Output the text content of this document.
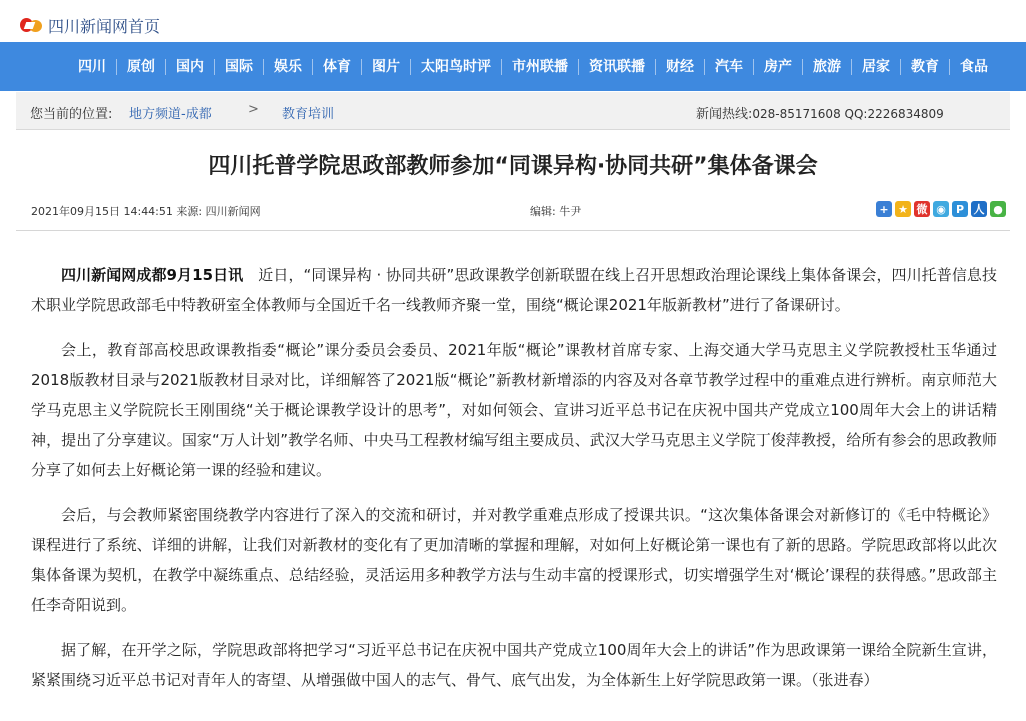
四川新闻网首页
四川	原创	国内	国际	娱乐	体育	图片	太阳鸟时评	市州联播	资讯联播	财经	汽车	房产	旅游	居家	教育	食品
您当前的位置: 地方频道-成都	> 教育培训	新闻热线:028-85171608 QQ:2226834809
四川托普学院思政部教师参加“同课异构·协同共研”集体备课会
2021年09月15日 14:44:51 来源: 四川新闻网	编辑: 牛尹	+ ★ 微 ◉ P 人 ●

四川新闻网成都9月15日讯　近日，“同课异构 · 协同共研”思政课教学创新联盟在线上召开思想政治理论课线上集体备课会，四川托普信息技术职业学院思政部毛中特教研室全体教师与全国近千名一线教师齐聚一堂，围绕“概论课2021年版新教材”进行了备课研讨。

会上，教育部高校思政课教指委“概论”课分委员会委员、2021年版“概论”课教材首席专家、上海交通大学马克思主义学院教授杜玉华通过2018版教材目录与2021版教材目录对比，详细解答了2021版“概论”新教材新增添的内容及对各章节教学过程中的重难点进行辨析。南京师范大学马克思主义学院院长王刚围绕“关于概论课教学设计的思考”，对如何领会、宣讲习近平总书记在庆祝中国共产党成立100周年大会上的讲话精神，提出了分享建议。国家“万人计划”教学名师、中央马工程教材编写组主要成员、武汉大学马克思主义学院丁俊萍教授，给所有参会的思政教师分享了如何去上好概论第一课的经验和建议。

会后，与会教师紧密围绕教学内容进行了深入的交流和研讨，并对教学重难点形成了授课共识。“这次集体备课会对新修订的《毛中特概论》课程进行了系统、详细的讲解，让我们对新教材的变化有了更加清晰的掌握和理解，对如何上好概论第一课也有了新的思路。学院思政部将以此次集体备课为契机，在教学中凝练重点、总结经验，灵活运用多种教学方法与生动丰富的授课形式，切实增强学生对‘概论’课程的获得感。”思政部主任李奇阳说到。

据了解，在开学之际，学院思政部将把学习“习近平总书记在庆祝中国共产党成立100周年大会上的讲话”作为思政课第一课给全院新生宣讲，紧紧围绕习近平总书记对青年人的寄望、从增强做中国人的志气、骨气、底气出发，为全体新生上好学院思政第一课。（张进春）
